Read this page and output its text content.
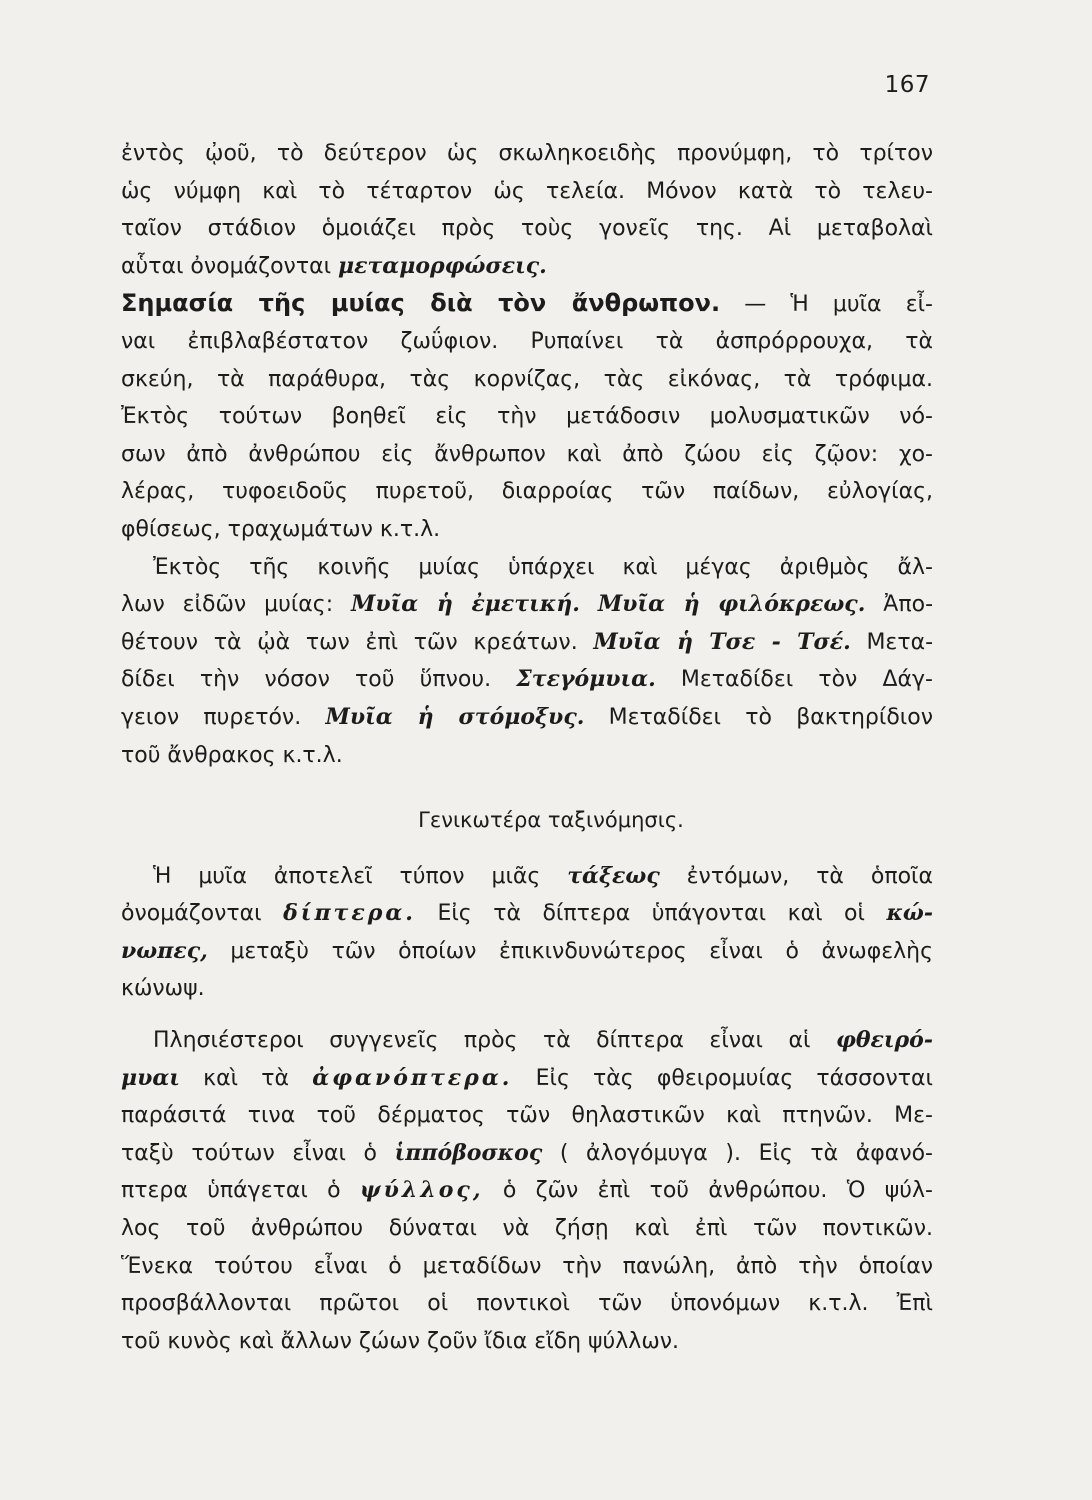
167
ἐντὸς ᾠοῦ, τὸ δεύτερον ὡς σκωληκοειδὴς προνύμφη, τὸ τρίτον
ὡς νύμφη καὶ τὸ τέταρτον ὡς τελεία. Μόνον κατὰ τὸ τελευ-
ταῖον στάδιον ὁμοιάζει πρὸς τοὺς γονεῖς της. Αἱ μεταβολαὶ
αὗται ὀνομάζονται μεταμορφώσεις.
Σημασία τῆς μυίας διὰ τὸν ἄνθρωπον. — Ἡ μυῖα εἶ-
ναι ἐπιβλαβέστατον ζωΰφιον. Ρυπαίνει τὰ ἀσπρόρρουχα, τὰ
σκεύη, τὰ παράθυρα, τὰς κορνίζας, τὰς εἰκόνας, τὰ τρόφιμα.
Ἐκτὸς τούτων βοηθεῖ εἰς τὴν μετάδοσιν μολυσματικῶν νό-
σων ἀπὸ ἀνθρώπου εἰς ἄνθρωπον καὶ ἀπὸ ζώου εἰς ζῷον: χο-
λέρας, τυφοειδοῦς πυρετοῦ, διαρροίας τῶν παίδων, εὐλογίας,
φθίσεως, τραχωμάτων κ.τ.λ.
Ἐκτὸς τῆς κοινῆς μυίας ὑπάρχει καὶ μέγας ἀριθμὸς ἄλ-
λων εἰδῶν μυίας: Μυῖα ἡ ἐμετική. Μυῖα ἡ φιλόκρεως. Ἀπο-
θέτουν τὰ ᾠὰ των ἐπὶ τῶν κρεάτων. Μυῖα ἡ Τσε - Τσέ. Μετα-
δίδει τὴν νόσον τοῦ ὕπνου. Στεγόμυια. Μεταδίδει τὸν Δάγ-
γειον πυρετόν. Μυῖα ἡ στόμοξυς. Μεταδίδει τὸ βακτηρίδιον
τοῦ ἄνθρακος κ.τ.λ.
Γενικωτέρα ταξινόμησις.
Ἡ μυῖα ἀποτελεῖ τύπον μιᾶς τάξεως ἐντόμων, τὰ ὁποῖα
ὀνομάζονται δίπτερα. Εἰς τὰ δίπτερα ὑπάγονται καὶ οἱ κώ-
νωπες, μεταξὺ τῶν ὁποίων ἐπικινδυνώτερος εἶναι ὁ ἀνωφελὴς
κώνωψ.
Πλησιέστεροι συγγενεῖς πρὸς τὰ δίπτερα εἶναι αἱ φθειρό-
μυαι καὶ τὰ ἀφανόπτερα. Εἰς τὰς φθειρομυίας τάσσονται
παράσιτά τινα τοῦ δέρματος τῶν θηλαστικῶν καὶ πτηνῶν. Με-
ταξὺ τούτων εἶναι ὁ ἱππόβοσκος ( ἀλογόμυγα ). Εἰς τὰ ἀφανό-
πτερα ὑπάγεται ὁ ψύλλος, ὁ ζῶν ἐπὶ τοῦ ἀνθρώπου. Ὁ ψύλ-
λος τοῦ ἀνθρώπου δύναται νὰ ζήσῃ καὶ ἐπὶ τῶν ποντικῶν.
Ἕνεκα τούτου εἶναι ὁ μεταδίδων τὴν πανώλη, ἀπὸ τὴν ὁποίαν
προσβάλλονται πρῶτοι οἱ ποντικοὶ τῶν ὑπονόμων κ.τ.λ. Ἐπὶ
τοῦ κυνὸς καὶ ἄλλων ζώων ζοῦν ἴδια εἴδη ψύλλων.
